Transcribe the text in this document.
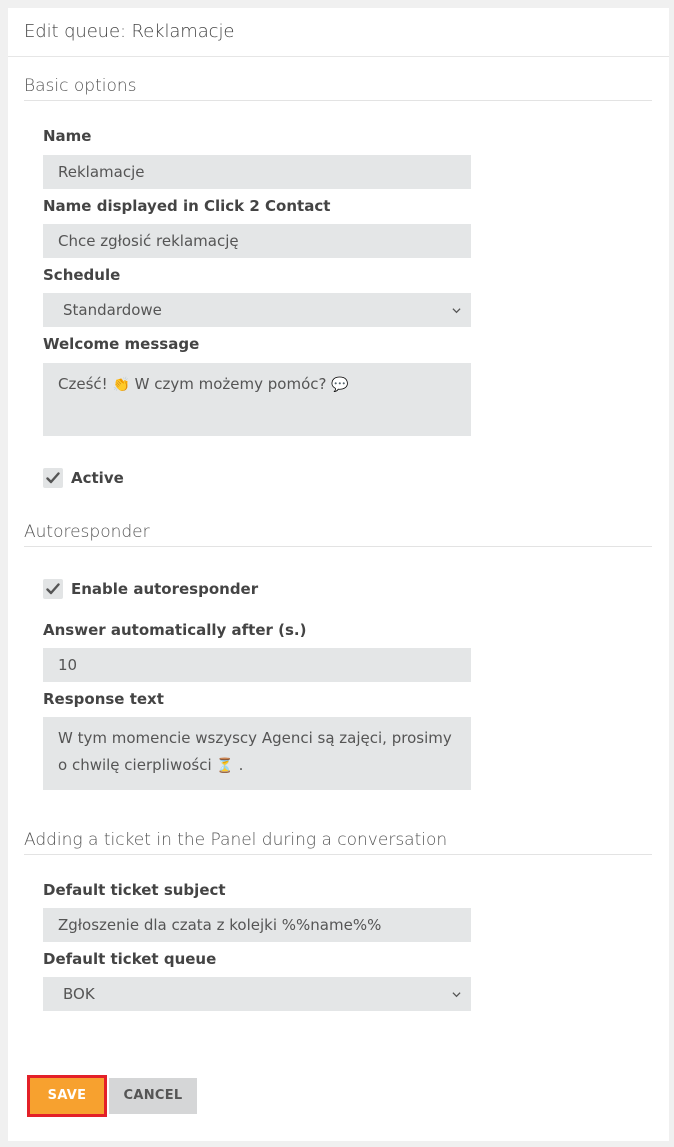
Edit queue: Reklamacje
Basic options
Name
Reklamacje
Name displayed in Click 2 Contact
Chce zgłosić reklamację
Schedule
Standardowe
Welcome message
Cześć! 👏 W czym możemy pomóc? 💬
Active
Autoresponder
Enable autoresponder
Answer automatically after (s.)
10
Response text
W tym momencie wszyscy Agenci są zajęci, prosimy o chwilę cierpliwości ⏳ .
Adding a ticket in the Panel during a conversation
Default ticket subject
Zgłoszenie dla czata z kolejki %%name%%
Default ticket queue
BOK
SAVE	CANCEL
